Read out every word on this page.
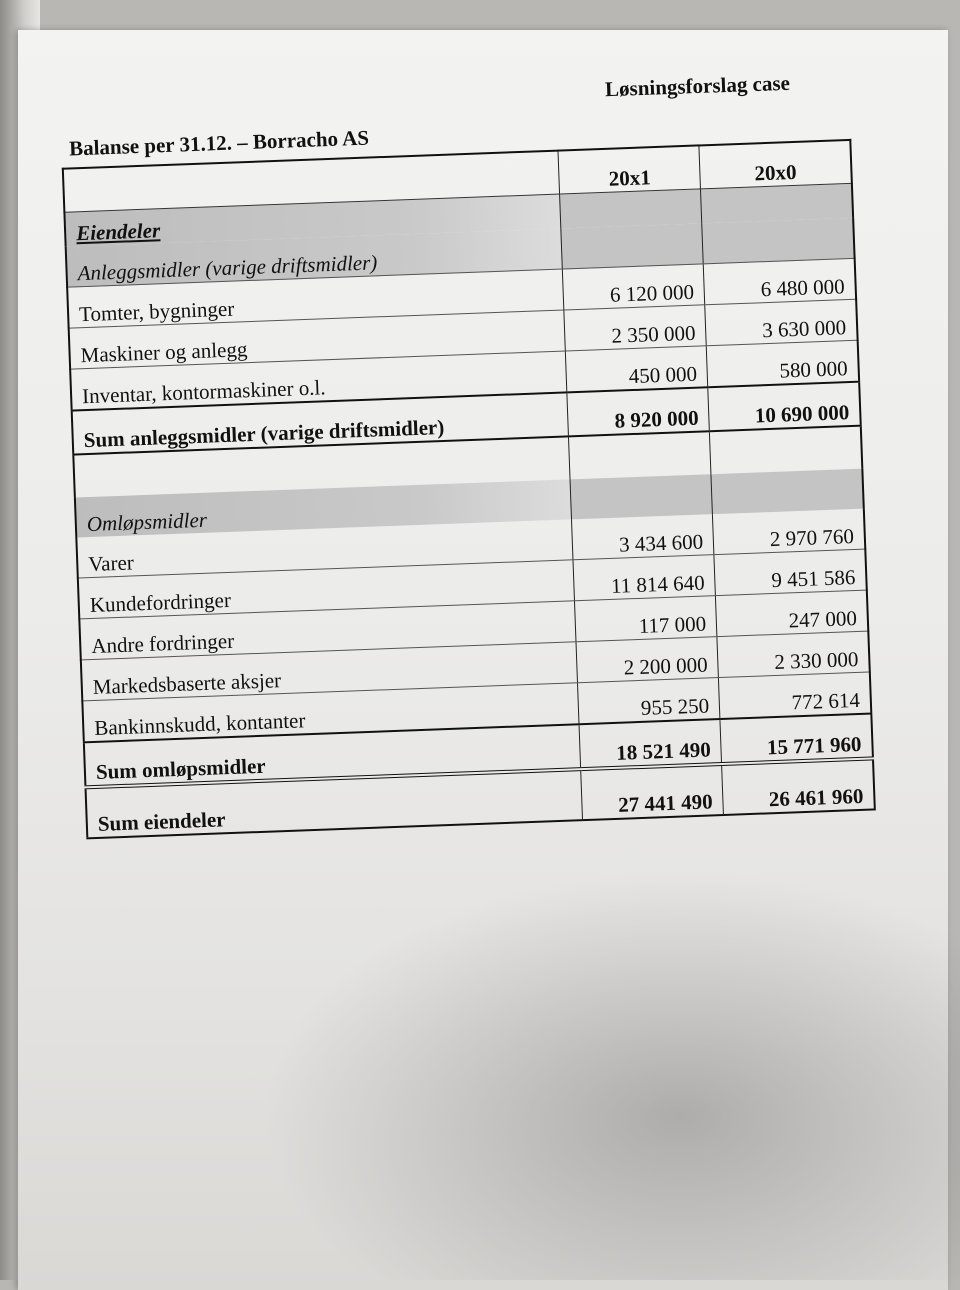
Løsningsforslag case
Balanse per 31.12. – Borracho AS
	20x1	20x0
Eiendeler		
Anleggsmidler (varige driftsmidler)		
Tomter, bygninger	6 120 000	6 480 000
Maskiner og anlegg	2 350 000	3 630 000
Inventar, kontormaskiner o.l.	450 000	580 000
Sum anleggsmidler (varige driftsmidler)	8 920 000	10 690 000

Omløpsmidler		
Varer	3 434 600	2 970 760
Kundefordringer	11 814 640	9 451 586
Andre fordringer	117 000	247 000
Markedsbaserte aksjer	2 200 000	2 330 000
Bankinnskudd, kontanter	955 250	772 614
Sum omløpsmidler	18 521 490	15 771 960
Sum eiendeler	27 441 490	26 461 960
